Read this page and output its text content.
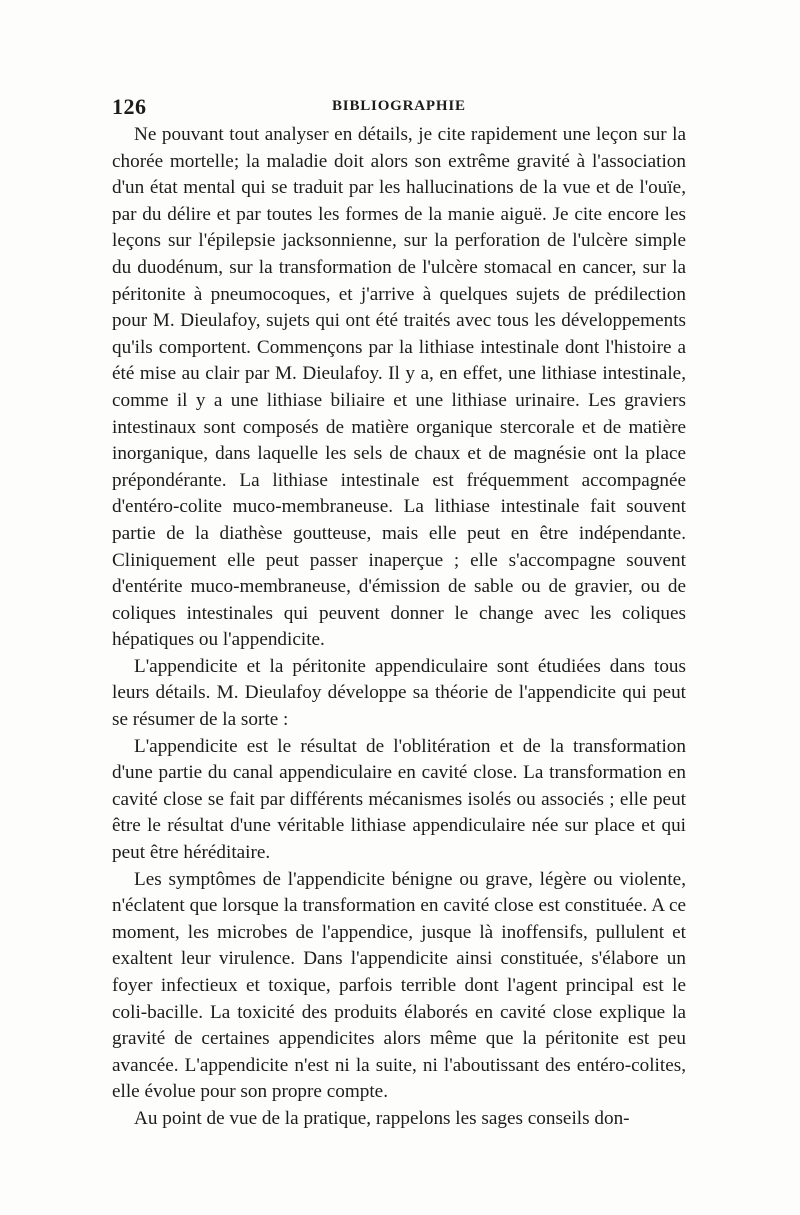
126	BIBLIOGRAPHIE

Ne pouvant tout analyser en détails, je cite rapidement une leçon sur la chorée mortelle; la maladie doit alors son extrême gravité à l'association d'un état mental qui se traduit par les hallucinations de la vue et de l'ouïe, par du délire et par toutes les formes de la manie aiguë. Je cite encore les leçons sur l'épilepsie jacksonnienne, sur la perforation de l'ulcère simple du duodénum, sur la transformation de l'ulcère stomacal en cancer, sur la péritonite à pneumocoques, et j'arrive à quelques sujets de prédilection pour M. Dieulafoy, sujets qui ont été traités avec tous les développements qu'ils comportent. Commençons par la lithiase intestinale dont l'histoire a été mise au clair par M. Dieulafoy. Il y a, en effet, une lithiase intestinale, comme il y a une lithiase biliaire et une lithiase urinaire. Les graviers intestinaux sont composés de matière organique stercorale et de matière inorganique, dans laquelle les sels de chaux et de magnésie ont la place prépondérante. La lithiase intestinale est fréquemment accompagnée d'entéro-colite muco-membraneuse. La lithiase intestinale fait souvent partie de la diathèse goutteuse, mais elle peut en être indépendante. Cliniquement elle peut passer inaperçue ; elle s'accompagne souvent d'entérite muco-membraneuse, d'émission de sable ou de gravier, ou de coliques intestinales qui peuvent donner le change avec les coliques hépatiques ou l'appendicite.

L'appendicite et la péritonite appendiculaire sont étudiées dans tous leurs détails. M. Dieulafoy développe sa théorie de l'appendicite qui peut se résumer de la sorte :

L'appendicite est le résultat de l'oblitération et de la transformation d'une partie du canal appendiculaire en cavité close. La transformation en cavité close se fait par différents mécanismes isolés ou associés ; elle peut être le résultat d'une véritable lithiase appendiculaire née sur place et qui peut être héréditaire.

Les symptômes de l'appendicite bénigne ou grave, légère ou violente, n'éclatent que lorsque la transformation en cavité close est constituée. A ce moment, les microbes de l'appendice, jusque là inoffensifs, pullulent et exaltent leur virulence. Dans l'appendicite ainsi constituée, s'élabore un foyer infectieux et toxique, parfois terrible dont l'agent principal est le coli-bacille. La toxicité des produits élaborés en cavité close explique la gravité de certaines appendicites alors même que la péritonite est peu avancée. L'appendicite n'est ni la suite, ni l'aboutissant des entéro-colites, elle évolue pour son propre compte.

Au point de vue de la pratique, rappelons les sages conseils don-
